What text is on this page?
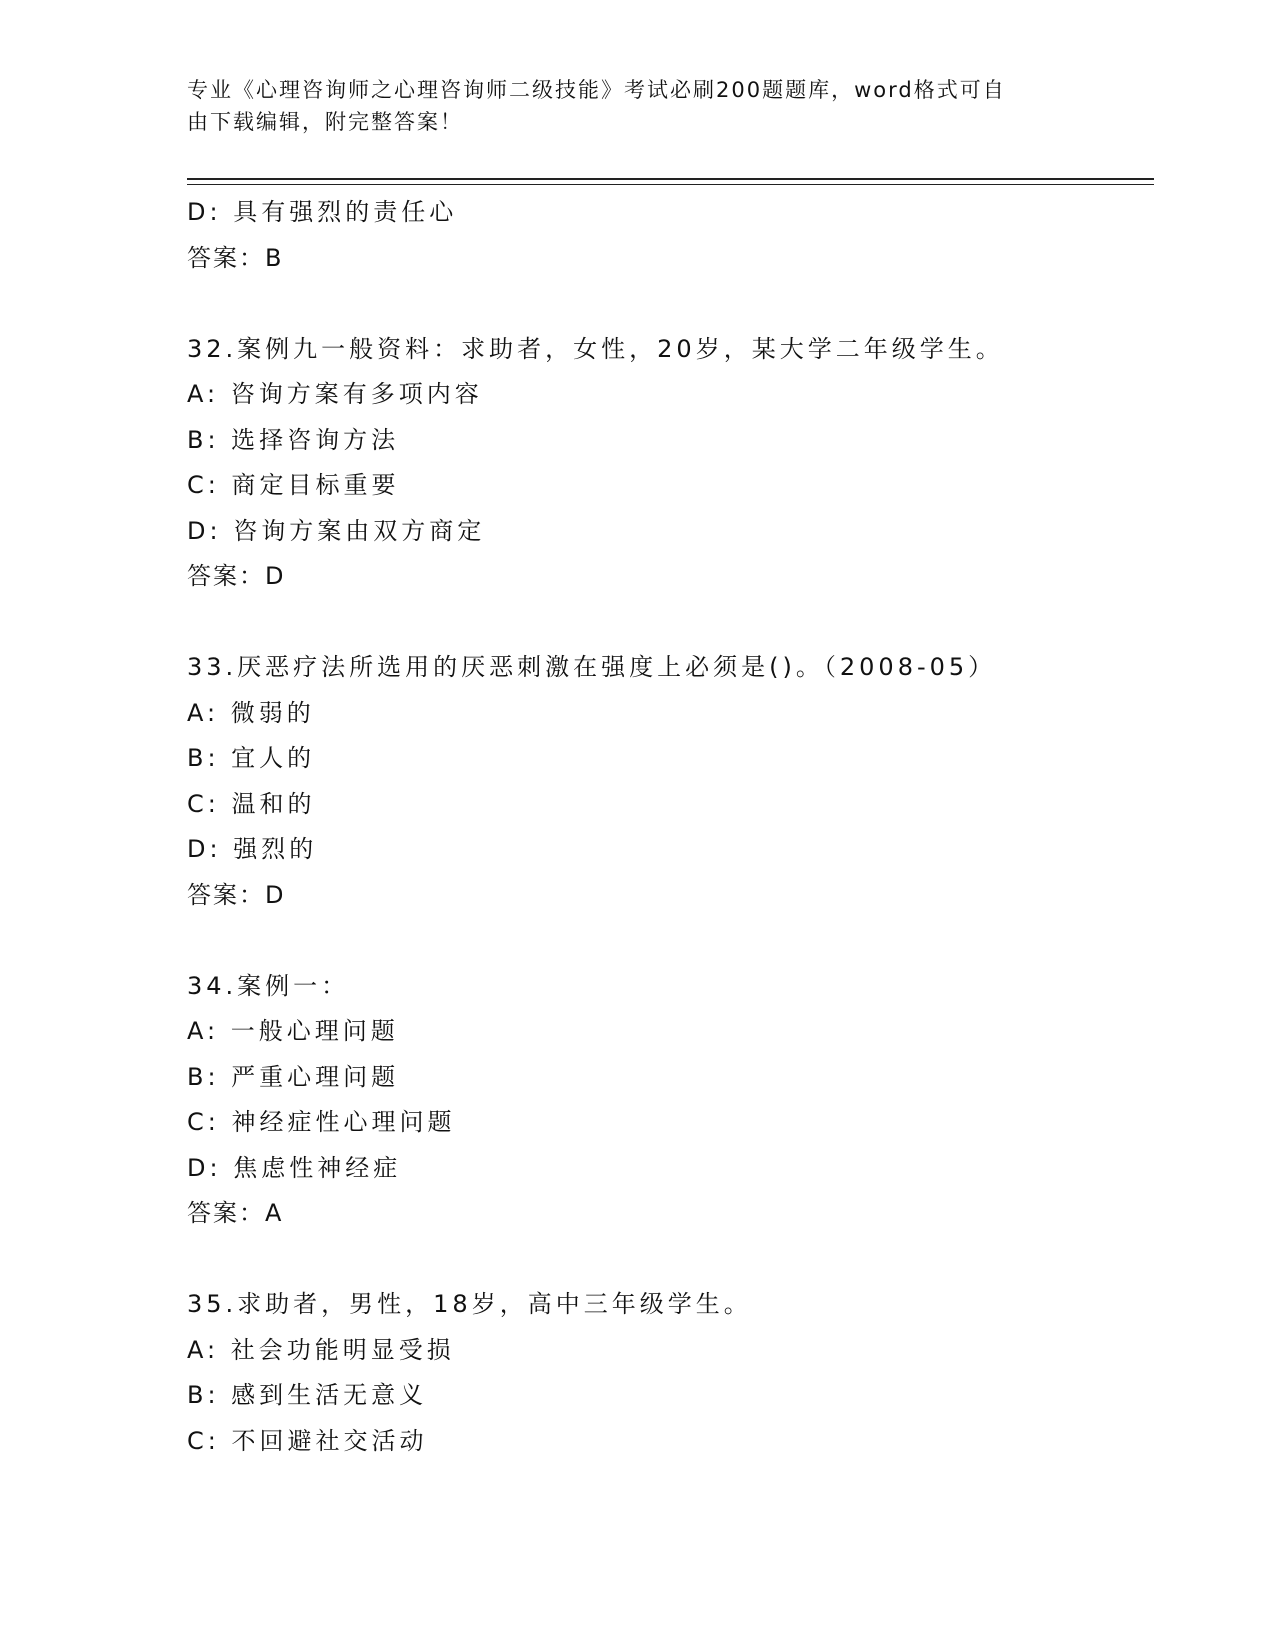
专业《心理咨询师之心理咨询师二级技能》考试必刷200题题库，word格式可自
由下载编辑，附完整答案！
D: 具有强烈的责任心
答案：B
32.案例九一般资料：求助者，女性，20岁，某大学二年级学生。
A: 咨询方案有多项内容
B: 选择咨询方法
C: 商定目标重要
D: 咨询方案由双方商定
答案：D
33.厌恶疗法所选用的厌恶刺激在强度上必须是()。（2008-05）
A: 微弱的
B: 宜人的
C: 温和的
D: 强烈的
答案：D
34.案例一：
A: 一般心理问题
B: 严重心理问题
C: 神经症性心理问题
D: 焦虑性神经症
答案：A
35.求助者，男性，18岁，高中三年级学生。
A: 社会功能明显受损
B: 感到生活无意义
C: 不回避社交活动
